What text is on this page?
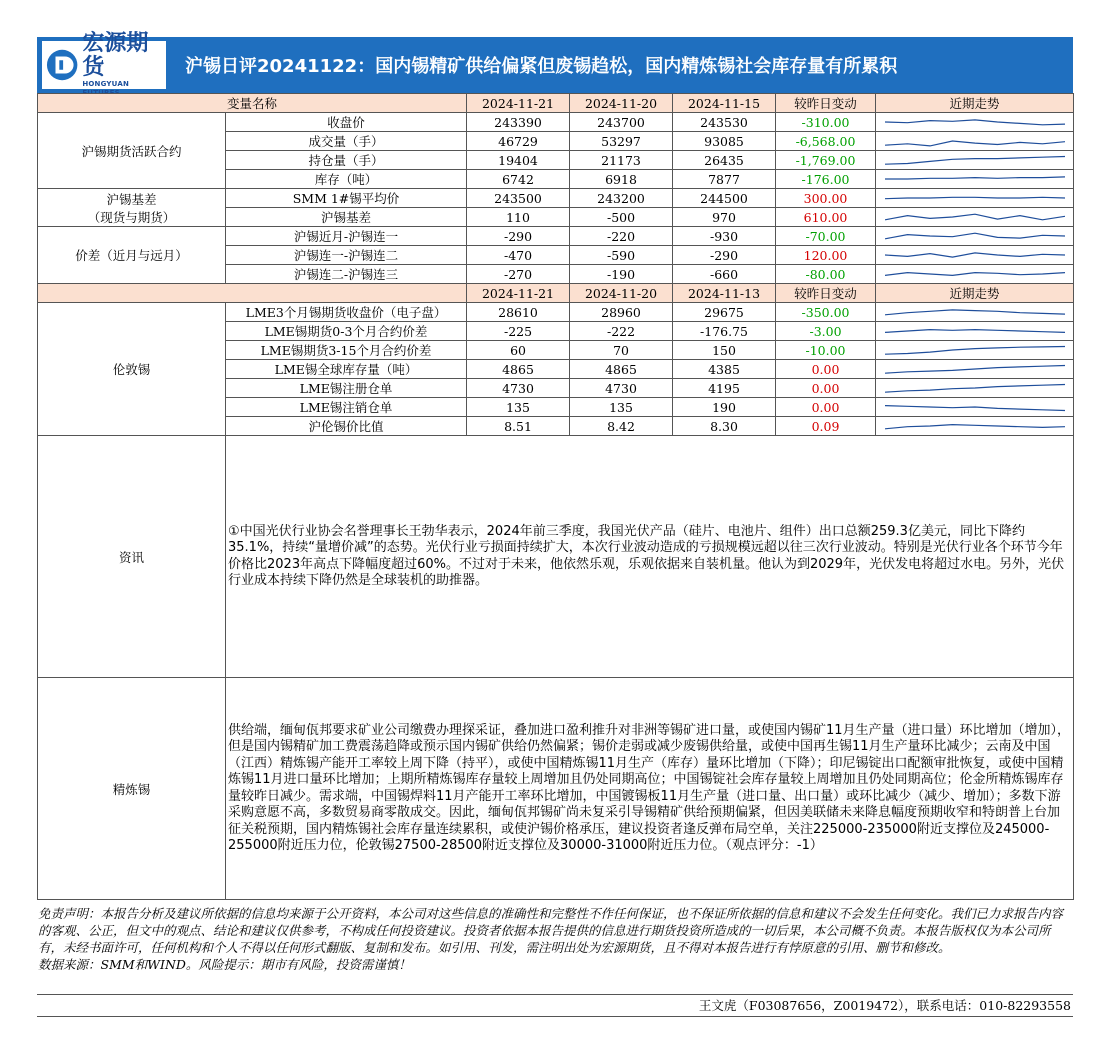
宏源期货
HONGYUAN
沪锡日评20241122：国内锡精矿供给偏紧但废锡趋松，国内精炼锡社会库存量有所累积
变量名称		2024-11-21	2024-11-20	2024-11-15	较昨日变动	近期走势

沪锡期货活跃合约	收盘价	243390	243700	243530	-310.00	

	成交量（手）	46729	53297	93085	-6,568.00	

	持仓量（手）	19404	21173	26435	-1,769.00	

	库存（吨）	6742	6918	7877	-176.00	

沪锡基差
（现货与期货）	SMM 1#锡平均价	243500	243200	244500	300.00	

	沪锡基差	110	-500	970	610.00	

价差（近月与远月）	沪锡近月-沪锡连一	-290	-220	-930	-70.00	

	沪锡连一-沪锡连二	-470	-590	-290	120.00	

	沪锡连二-沪锡连三	-270	-190	-660	-80.00	

		2024-11-21	2024-11-20	2024-11-13	较昨日变动	近期走势
伦敦锡	LME3个月锡期货收盘价（电子盘）	28610	28960	29675	-350.00	

	LME锡期货0-3个月合约价差	-225	-222	-176.75	-3.00	

	LME锡期货3-15个月合约价差	60	70	150	-10.00	

	LME锡全球库存量（吨）	4865	4865	4385	0.00	

	LME锡注册仓单	4730	4730	4195	0.00	

	LME锡注销仓单	135	135	190	0.00	

	沪伦锡价比值	8.51	8.42	8.30	0.09	

资讯	①中国光伏行业协会名誉理事长王勃华表示，2024年前三季度，我国光伏产品（硅片、电池片、组件）出口总额259.3亿美元，同比下降约35.1%，持续“量增价减”的态势。光伏行业亏损面持续扩大，本次行业波动造成的亏损规模远超以往三次行业波动。特别是光伏行业各个环节今年价格比2023年高点下降幅度超过60%。不过对于未来，他依然乐观，乐观依据来自装机量。他认为到2029年，光伏发电将超过水电。另外，光伏行业成本持续下降仍然是全球装机的助推器。					
精炼锡	供给端，缅甸佤邦要求矿业公司缴费办理探采证，叠加进口盈利推升对非洲等锡矿进口量，或使国内锡矿11月生产量（进口量）环比增加（增加），但是国内锡精矿加工费震荡趋降或预示国内锡矿供给仍然偏紧；锡价走弱或减少废锡供给量，或使中国再生锡11月生产量环比减少；云南及中国（江西）精炼锡产能开工率较上周下降（持平），或使中国精炼锡11月生产（库存）量环比增加（下降）；印尼锡锭出口配额审批恢复，或使中国精炼锡11月进口量环比增加；上期所精炼锡库存量较上周增加且仍处同期高位；中国锡锭社会库存量较上周增加且仍处同期高位；伦金所精炼锡库存量较昨日减少。需求端，中国锡焊料11月产能开工率环比增加，中国镀锡板11月生产量（进口量、出口量）或环比减少（减少、增加）；多数下游采购意愿不高，多数贸易商零散成交。因此，缅甸佤邦锡矿尚未复采引导锡精矿供给预期偏紧，但因美联储未来降息幅度预期收窄和特朗普上台加征关税预期，国内精炼锡社会库存量连续累积，或使沪锡价格承压，建议投资者逢反弹布局空单，关注225000-235000附近支撑位及245000-255000附近压力位，伦敦锡27500-28500附近支撑位及30000-31000附近压力位。（观点评分：-1）					
免责声明：本报告分析及建议所依据的信息均来源于公开资料，本公司对这些信息的准确性和完整性不作任何保证，也不保证所依据的信息和建议不会发生任何变化。我们已力求报告内容的客观、公正，但文中的观点、结论和建议仅供参考，不构成任何投资建议。投资者依据本报告提供的信息进行期货投资所造成的一切后果，本公司概不负责。本报告版权仅为本公司所有，未经书面许可，任何机构和个人不得以任何形式翻版、复制和发布。如引用、刊发，需注明出处为宏源期货，且不得对本报告进行有悖原意的引用、删节和修改。
数据来源：SMM和WIND。风险提示：期市有风险，投资需谨慎！
王文虎（F03087656，Z0019472），联系电话：010-82293558
